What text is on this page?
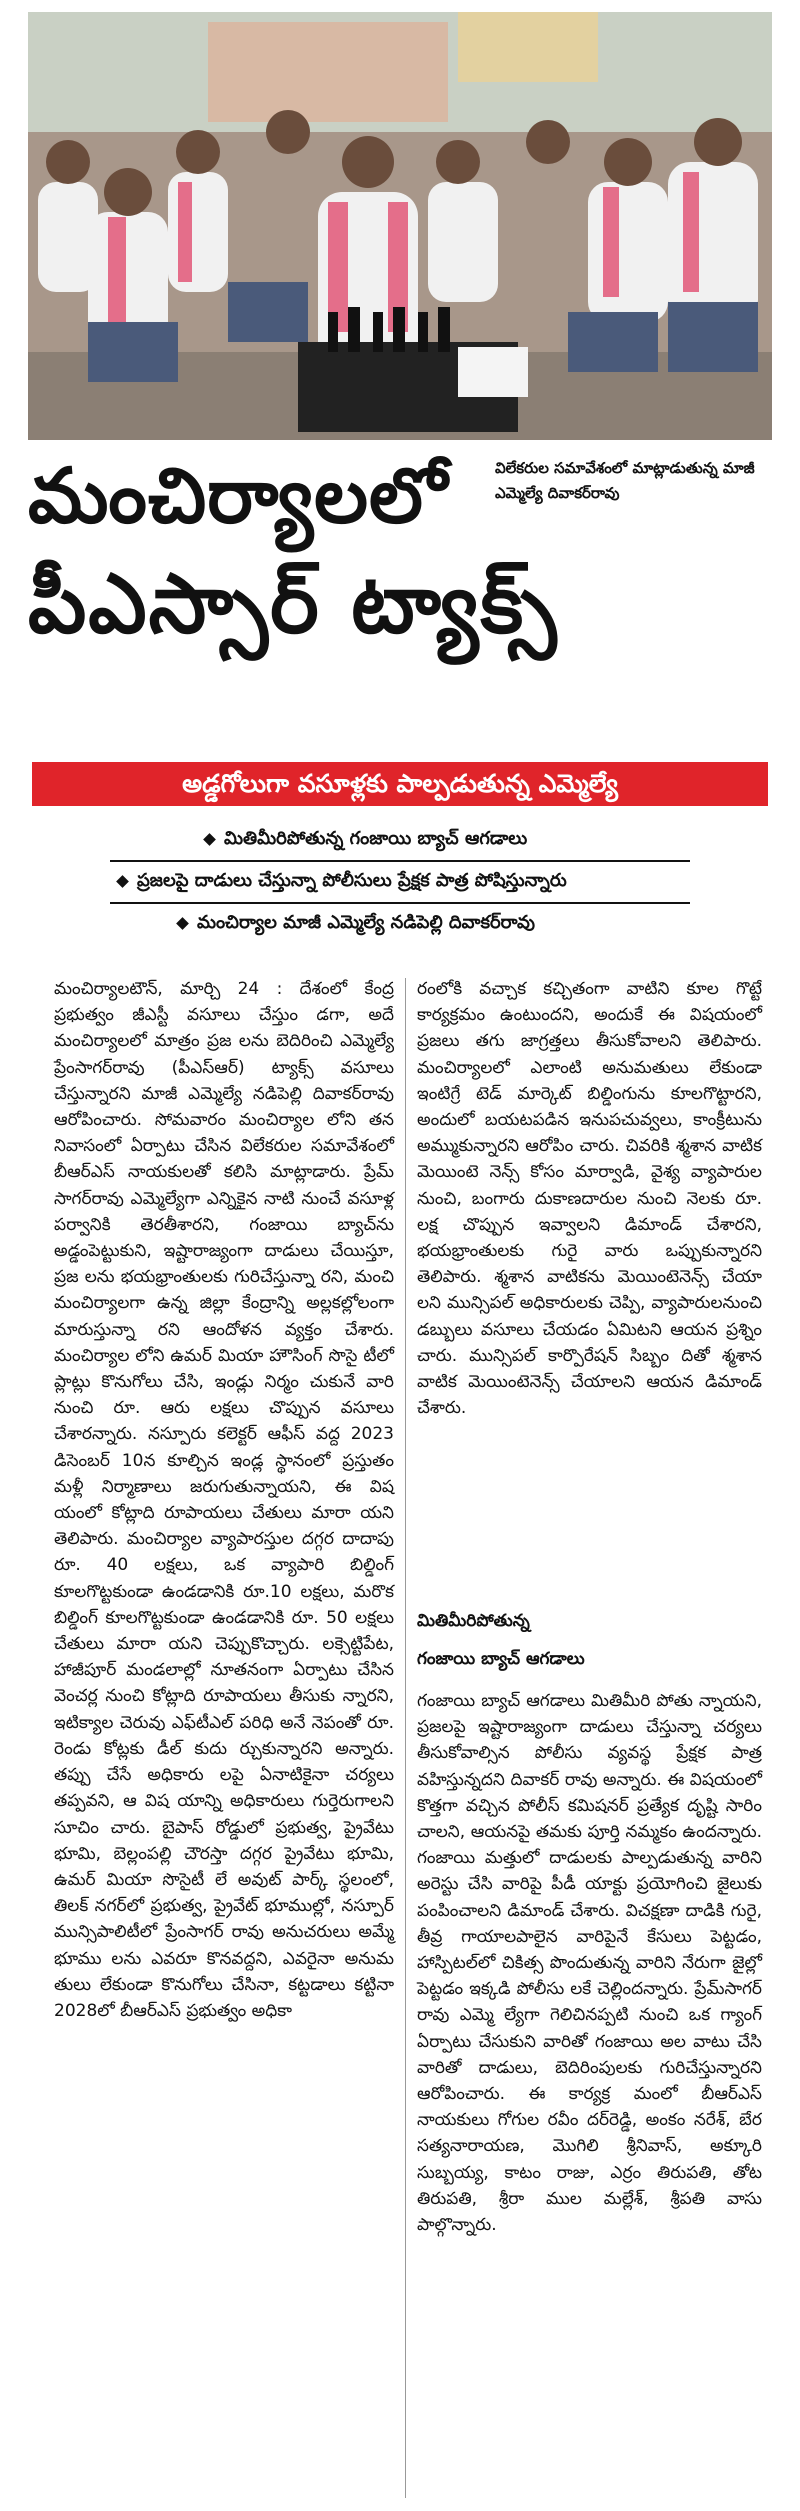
విలేకరుల సమావేశంలో మాట్లాడుతున్న మాజీ ఎమ్మెల్యే దివాకర్‌రావు
మంచిర్యాలలో
పీఎస్సార్ ట్యాక్స్
అడ్డగోలుగా వసూళ్లకు పాల్పడుతున్న ఎమ్మెల్యే
మితిమీరిపోతున్న గంజాయి బ్యాచ్ ఆగడాలు
ప్రజలపై దాడులు చేస్తున్నా పోలీసులు ప్రేక్షక పాత్ర పోషిస్తున్నారు
మంచిర్యాల మాజీ ఎమ్మెల్యే నడిపెల్లి దివాకర్‌రావు

మంచిర్యాలటౌన్, మార్చి 24 : దేశంలో కేంద్ర ప్రభుత్వం జీఎస్టీ వసూలు చేస్తుం డగా, అదే మంచిర్యాలలో మాత్రం ప్రజ లను బెదిరించి ఎమ్మెల్యే ప్రేంసాగర్‌రావు (పీఎస్‌ఆర్) ట్యాక్స్ వసూలు చేస్తున్నారని మాజీ ఎమ్మెల్యే నడిపెల్లి దివాకర్‌రావు ఆరోపించారు. సోమవారం మంచిర్యాల లోని తన నివాసంలో ఏర్పాటు చేసిన విలేకరుల సమావేశంలో బీఆర్ఎస్ నాయకులతో కలిసి మాట్లాడారు. ప్రేమ్ సాగర్‌రావు ఎమ్మెల్యేగా ఎన్నికైన నాటి నుంచే వసూళ్ల పర్వానికి తెరతీశారని, గంజాయి బ్యాచ్‌ను అడ్డంపెట్టుకుని, ఇష్టారాజ్యంగా దాడులు చేయిస్తూ, ప్రజ లను భయభ్రాంతులకు గురిచేస్తున్నా రని, మంచి మంచిర్యాలగా ఉన్న జిల్లా కేంద్రాన్ని అల్లకల్లోలంగా మారుస్తున్నా రని ఆందోళన వ్యక్తం చేశారు. మంచిర్యాల లోని ఉమర్ మియా హౌసింగ్ సొసై టీలో ప్లాట్లు కొనుగోలు చేసి, ఇండ్లు నిర్మం చుకునే వారి నుంచి రూ. ఆరు లక్షలు చొప్పున వసూలు చేశారన్నారు. నస్పూరు కలెక్టర్ ఆఫీస్ వద్ద 2023 డిసెంబర్ 10న కూల్చిన ఇండ్ల స్థానంలో ప్రస్తుతం మళ్లీ నిర్మాణాలు జరుగుతున్నాయని, ఈ విష యంలో కోట్లాది రూపాయలు చేతులు మారా యని తెలిపారు. మంచిర్యాల వ్యాపారస్తుల దగ్గర దాదాపు రూ. 40 లక్షలు, ఒక వ్యాపారి బిల్డింగ్ కూలగొట్టకుండా ఉండడానికి రూ.10 లక్షలు, మరొక బిల్డింగ్ కూలగొట్టకుండా ఉండడానికి రూ. 50 లక్షలు చేతులు మారా యని చెప్పుకొచ్చారు. లక్సెట్టిపేట, హాజీపూర్ మండలాల్లో నూతనంగా ఏర్పాటు చేసిన వెంచర్ల నుంచి కోట్లాది రూపాయలు తీసుకు న్నారని, ఇటిక్యాల చెరువు ఎఫ్‌టీఎల్ పరిధి అనే నెపంతో రూ. రెండు కోట్లకు డీల్ కుదు ర్చుకున్నారని అన్నారు. తప్పు చేసే అధికారు లపై ఏనాటికైనా చర్యలు తప్పవని, ఆ విష యాన్ని అధికారులు గుర్తెరుగాలని సూచిం చారు. బైపాస్ రోడ్డులో ప్రభుత్వ, ప్రైవేటు భూమి, బెల్లంపల్లి చౌరస్తా దగ్గర ప్రైవేటు భూమి, ఉమర్ మియా సొసైటీ లే అవుట్ పార్క్ స్థలంలో, తిలక్ నగర్‌లో ప్రభుత్వ, ప్రైవేట్ భూముల్లో, నస్పూర్ మున్సిపాలిటీలో ప్రేంసాగర్ రావు అనుచరులు అమ్మే భూము లను ఎవరూ కొనవద్దని, ఎవరైనా అనుమ తులు లేకుండా కొనుగోలు చేసినా, కట్టడాలు కట్టినా 2028లో బీఆర్ఎస్ ప్రభుత్వం అధికా

రంలోకి వచ్చాక కచ్చితంగా వాటిని కూల గొట్టే కార్యక్రమం ఉంటుందని, అందుకే ఈ విషయంలో ప్రజలు తగు జాగ్రత్తలు తీసుకోవాలని తెలిపారు. మంచిర్యాలలో ఎలాంటి అనుమతులు లేకుండా ఇంటిగ్రే టెడ్ మార్కెట్ బిల్డింగును కూలగొట్టారని, అందులో బయటపడిన ఇనుపచువ్వలు, కాంక్రీటును అమ్ముకున్నారని ఆరోపిం చారు. చివరికి శ్మశాన వాటిక మెయింటె నెన్స్ కోసం మార్వాడి, వైశ్య వ్యాపారుల నుంచి, బంగారు దుకాణదారుల నుంచి నెలకు రూ. లక్ష చొప్పున ఇవ్వాలని డిమాండ్ చేశారని, భయభ్రాంతులకు గురై వారు ఒప్పుకున్నారని తెలిపారు. శ్మశాన వాటికను మెయింటెనెన్స్ చేయా లని మున్సిపల్ అధికారులకు చెప్పి, వ్యాపారులనుంచి డబ్బులు వసూలు చేయడం ఏమిటని ఆయన ప్రశ్నిం చారు. మున్సిపల్ కార్పొరేషన్ సిబ్బం దితో శ్మశాన వాటిక మెయింటెనెన్స్ చేయాలని ఆయన డిమాండ్ చేశారు.

మితిమీరిపోతున్న
గంజాయి బ్యాచ్ ఆగడాలు

గంజాయి బ్యాచ్ ఆగడాలు మితిమీరి పోతు న్నాయని, ప్రజలపై ఇష్టారాజ్యంగా దాడులు చేస్తున్నా చర్యలు తీసుకోవాల్సిన పోలీసు వ్యవస్థ ప్రేక్షక పాత్ర వహిస్తున్నదని దివాకర్ రావు అన్నారు. ఈ విషయంలో కొత్తగా వచ్చిన పోలీస్ కమిషనర్ ప్రత్యేక దృష్టి సారిం చాలని, ఆయనపై తమకు పూర్తి నమ్మకం ఉందన్నారు. గంజాయి మత్తులో దాడులకు పాల్పడుతున్న వారిని అరెస్టు చేసి వారిపై పీడీ యాక్టు ప్రయోగించి జైలుకు పంపించాలని డిమాండ్ చేశారు. విచక్షణా దాడికి గురై, తీవ్ర గాయాలపాలైన వారిపైనే కేసులు పెట్టడం, హాస్పిటల్‌లో చికిత్స పొందుతున్న వారిని నేరుగా జైల్లో పెట్టడం ఇక్కడి పోలీసు లకే చెల్లిందన్నారు. ప్రేమ్‌సాగర్ రావు ఎమ్మె ల్యేగా గెలిచినప్పటి నుంచి ఒక గ్యాంగ్ ఏర్పాటు చేసుకుని వారితో గంజాయి అల వాటు చేసి వారితో దాడులు, బెదిరింపులకు గురిచేస్తున్నారని ఆరోపించారు. ఈ కార్యక్ర మంలో బీఆర్ఎస్ నాయకులు గోగుల రవీం దర్‌రెడ్డి, అంకం నరేశ్, బేర సత్యనారాయణ, మొగిలి శ్రీనివాస్, అక్కూరి సుబ్బయ్య, కాటం రాజు, ఎర్రం తిరుపతి, తోట తిరుపతి, శ్రీరా ముల మల్లేశ్, శ్రీపతి వాసు పాల్గొన్నారు.
